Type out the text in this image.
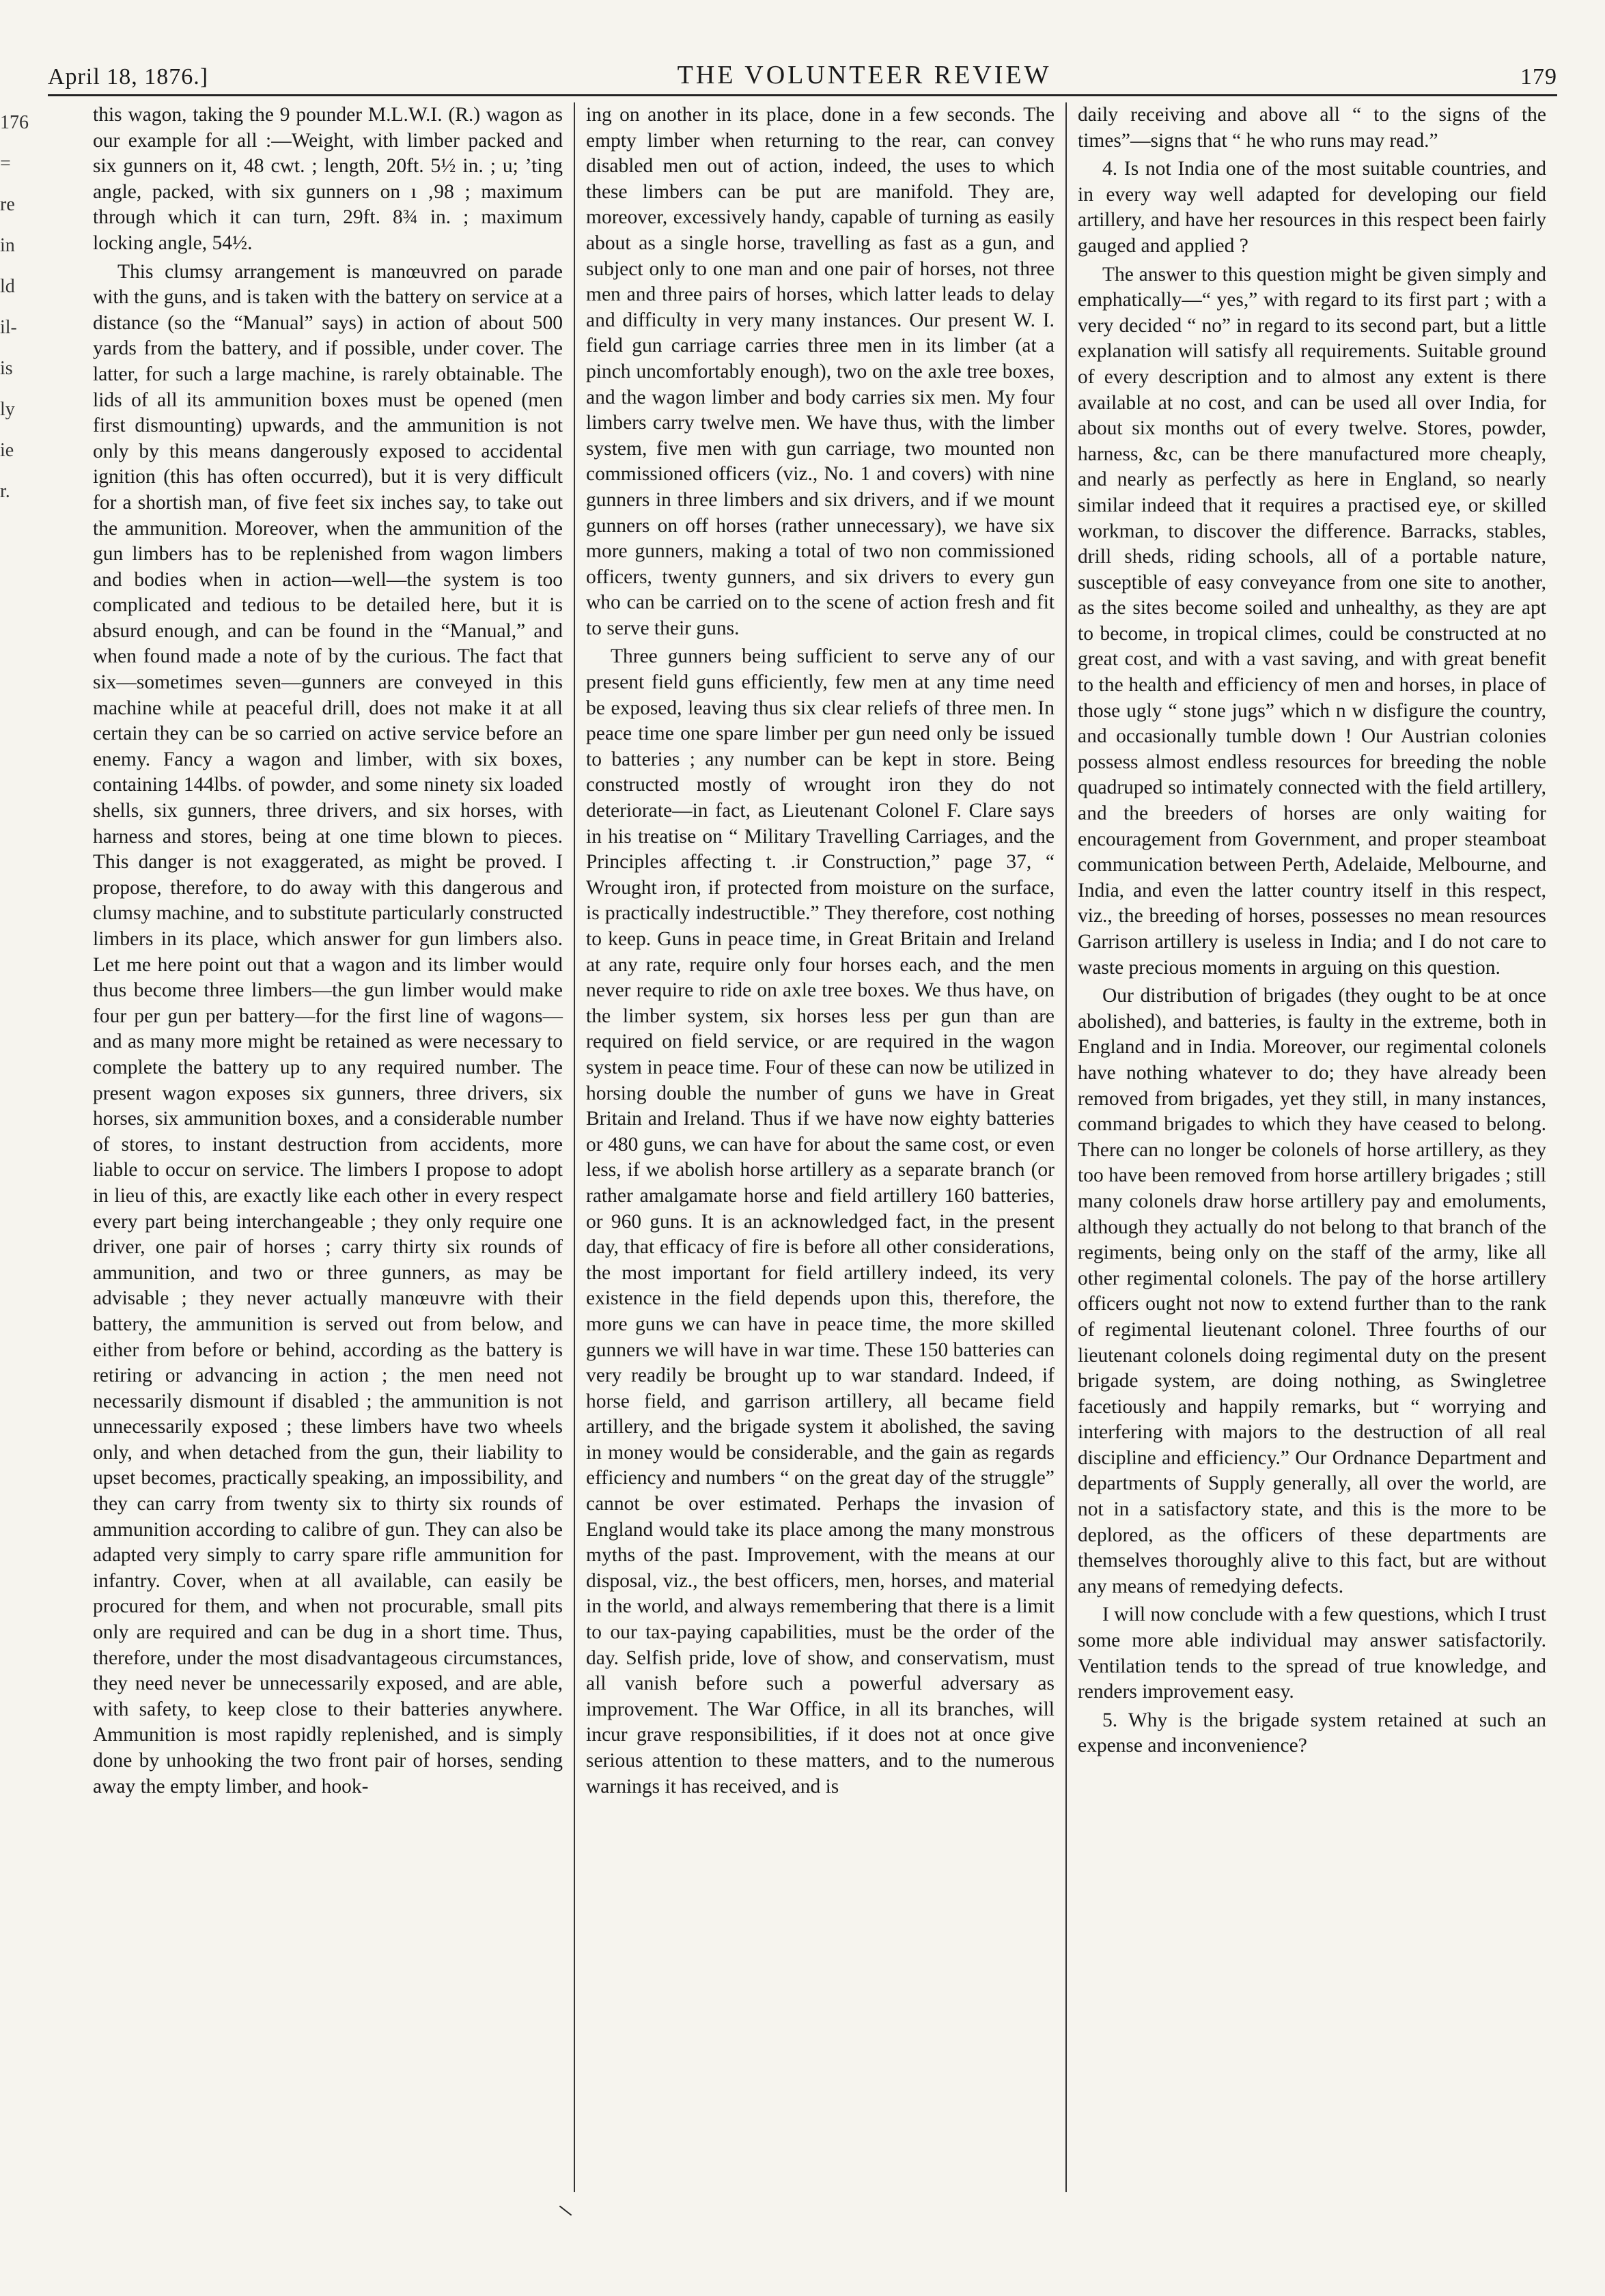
176 = re in ld il- is ly ie r.
April 18, 1876.]	THE VOLUNTEER REVIEW	179

this wagon, taking the 9 pounder M.L.W.I. (R.) wagon as our example for all :—Weight, with limber packed and six gunners on it, 48 cwt. ; length, 20ft. 5½ in. ; u; ’ting angle, packed, with six gunners on ı ‚98 ; maximum through which it can turn, 29ft. 8¾ in. ; maximum locking angle, 54½.

This clumsy arrangement is manœuvred on parade with the guns, and is taken with the battery on service at a distance (so the “Manual” says) in action of about 500 yards from the battery, and if possible, under cover. The latter, for such a large machine, is rarely obtainable. The lids of all its ammunition boxes must be opened (men first dismounting) upwards, and the ammunition is not only by this means dangerously exposed to accidental ignition (this has often occurred), but it is very difficult for a shortish man, of five feet six inches say, to take out the ammunition. Moreover, when the ammunition of the gun limbers has to be replenished from wagon limbers and bodies when in action—well—the system is too complicated and tedious to be detailed here, but it is absurd enough, and can be found in the “Manual,” and when found made a note of by the curious. The fact that six—sometimes seven—gunners are conveyed in this machine while at peaceful drill, does not make it at all certain they can be so carried on active service before an enemy. Fancy a wagon and limber, with six boxes, containing 144lbs. of powder, and some ninety six loaded shells, six gunners, three drivers, and six horses, with harness and stores, being at one time blown to pieces. This danger is not exaggerated, as might be proved. I propose, therefore, to do away with this dangerous and clumsy machine, and to substitute particularly constructed limbers in its place, which answer for gun limbers also. Let me here point out that a wagon and its limber would thus become three limbers—the gun limber would make four per gun per battery—for the first line of wagons—and as many more might be retained as were necessary to complete the battery up to any required number. The present wagon exposes six gunners, three drivers, six horses, six ammunition boxes, and a considerable number of stores, to instant destruction from accidents, more liable to occur on service. The limbers I propose to adopt in lieu of this, are exactly like each other in every respect every part being interchangeable ; they only require one driver, one pair of horses ; carry thirty six rounds of ammunition, and two or three gunners, as may be advisable ; they never actually manœuvre with their battery, the ammunition is served out from below, and either from before or behind, according as the battery is retiring or advancing in action ; the men need not necessarily dismount if disabled ; the ammunition is not unnecessarily exposed ; these limbers have two wheels only, and when detached from the gun, their liability to upset becomes, practically speaking, an impossibility, and they can carry from twenty six to thirty six rounds of ammunition according to calibre of gun. They can also be adapted very simply to carry spare rifle ammunition for infantry. Cover, when at all available, can easily be procured for them, and when not procurable, small pits only are required and can be dug in a short time. Thus, therefore, under the most disadvantageous circumstances, they need never be unnecessarily exposed, and are able, with safety, to keep close to their batteries anywhere. Ammunition is most rapidly replenished, and is simply done by unhooking the two front pair of horses, sending away the empty limber, and hook-

ing on another in its place, done in a few seconds. The empty limber when returning to the rear, can convey disabled men out of action, indeed, the uses to which these limbers can be put are manifold. They are, moreover, excessively handy, capable of turning as easily about as a single horse, travelling as fast as a gun, and subject only to one man and one pair of horses, not three men and three pairs of horses, which latter leads to delay and difficulty in very many instances. Our present W. I. field gun carriage carries three men in its limber (at a pinch uncomfortably enough), two on the axle tree boxes, and the wagon limber and body carries six men. My four limbers carry twelve men. We have thus, with the limber system, five men with gun carriage, two mounted non commissioned officers (viz., No. 1 and covers) with nine gunners in three limbers and six drivers, and if we mount gunners on off horses (rather unnecessary), we have six more gunners, making a total of two non commissioned officers, twenty gunners, and six drivers to every gun who can be carried on to the scene of action fresh and fit to serve their guns.

Three gunners being sufficient to serve any of our present field guns efficiently, few men at any time need be exposed, leaving thus six clear reliefs of three men. In peace time one spare limber per gun need only be issued to batteries ; any number can be kept in store. Being constructed mostly of wrought iron they do not deteriorate—in fact, as Lieutenant Colonel F. Clare says in his treatise on “ Military Travelling Carriages, and the Principles affecting t. .ir Construction,” page 37, “ Wrought iron, if protected from moisture on the surface, is practically indestructible.” They therefore, cost nothing to keep. Guns in peace time, in Great Britain and Ireland at any rate, require only four horses each, and the men never require to ride on axle tree boxes. We thus have, on the limber system, six horses less per gun than are required on field service, or are required in the wagon system in peace time. Four of these can now be utilized in horsing double the number of guns we have in Great Britain and Ireland. Thus if we have now eighty batteries or 480 guns, we can have for about the same cost, or even less, if we abolish horse artillery as a separate branch (or rather amalgamate horse and field artillery 160 batteries, or 960 guns. It is an acknowledged fact, in the present day, that efficacy of fire is before all other considerations, the most important for field artillery indeed, its very existence in the field depends upon this, therefore, the more guns we can have in peace time, the more skilled gunners we will have in war time. These 150 batteries can very readily be brought up to war standard. Indeed, if horse field, and garrison artillery, all became field artillery, and the brigade system it abolished, the saving in money would be considerable, and the gain as regards efficiency and numbers “ on the great day of the struggle” cannot be over estimated. Perhaps the invasion of England would take its place among the many monstrous myths of the past. Improvement, with the means at our disposal, viz., the best officers, men, horses, and material in the world, and always remembering that there is a limit to our tax-paying capabilities, must be the order of the day. Selfish pride, love of show, and conservatism, must all vanish before such a powerful adversary as improvement. The War Office, in all its branches, will incur grave responsibilities, if it does not at once give serious attention to these matters, and to the numerous warnings it has received, and is

daily receiving and above all “ to the signs of the times”—signs that “ he who runs may read.”

4. Is not India one of the most suitable countries, and in every way well adapted for developing our field artillery, and have her resources in this respect been fairly gauged and applied ?

The answer to this question might be given simply and emphatically—“ yes,” with regard to its first part ; with a very decided “ no” in regard to its second part, but a little explanation will satisfy all requirements. Suitable ground of every description and to almost any extent is there available at no cost, and can be used all over India, for about six months out of every twelve. Stores, powder, harness, &c, can be there manufactured more cheaply, and nearly as perfectly as here in England, so nearly similar indeed that it requires a practised eye, or skilled workman, to discover the difference. Barracks, stables, drill sheds, riding schools, all of a portable nature, susceptible of easy conveyance from one site to another, as the sites become soiled and unhealthy, as they are apt to become, in tropical climes, could be constructed at no great cost, and with a vast saving, and with great benefit to the health and efficiency of men and horses, in place of those ugly “ stone jugs” which n w disfigure the country, and occasionally tumble down ! Our Austrian colonies possess almost endless resources for breeding the noble quadruped so intimately connected with the field artillery, and the breeders of horses are only waiting for encouragement from Government, and proper steamboat communication between Perth, Adelaide, Melbourne, and India, and even the latter country itself in this respect, viz., the breeding of horses, possesses no mean resources Garrison artillery is useless in India; and I do not care to waste precious moments in arguing on this question.

Our distribution of brigades (they ought to be at once abolished), and batteries, is faulty in the extreme, both in England and in India. Moreover, our regimental colonels have nothing whatever to do; they have already been removed from brigades, yet they still, in many instances, command brigades to which they have ceased to belong. There can no longer be colonels of horse artillery, as they too have been removed from horse artillery brigades ; still many colonels draw horse artillery pay and emoluments, although they actually do not belong to that branch of the regiments, being only on the staff of the army, like all other regimental colonels. The pay of the horse artillery officers ought not now to extend further than to the rank of regimental lieutenant colonel. Three fourths of our lieutenant colonels doing regimental duty on the present brigade system, are doing nothing, as Swingletree facetiously and happily remarks, but “ worrying and interfering with majors to the destruction of all real discipline and efficiency.” Our Ordnance Department and departments of Supply generally, all over the world, are not in a satisfactory state, and this is the more to be deplored, as the officers of these departments are themselves thoroughly alive to this fact, but are without any means of remedying defects.

I will now conclude with a few questions, which I trust some more able individual may answer satisfactorily. Ventilation tends to the spread of true knowledge, and renders improvement easy.

5. Why is the brigade system retained at such an expense and inconvenience?
